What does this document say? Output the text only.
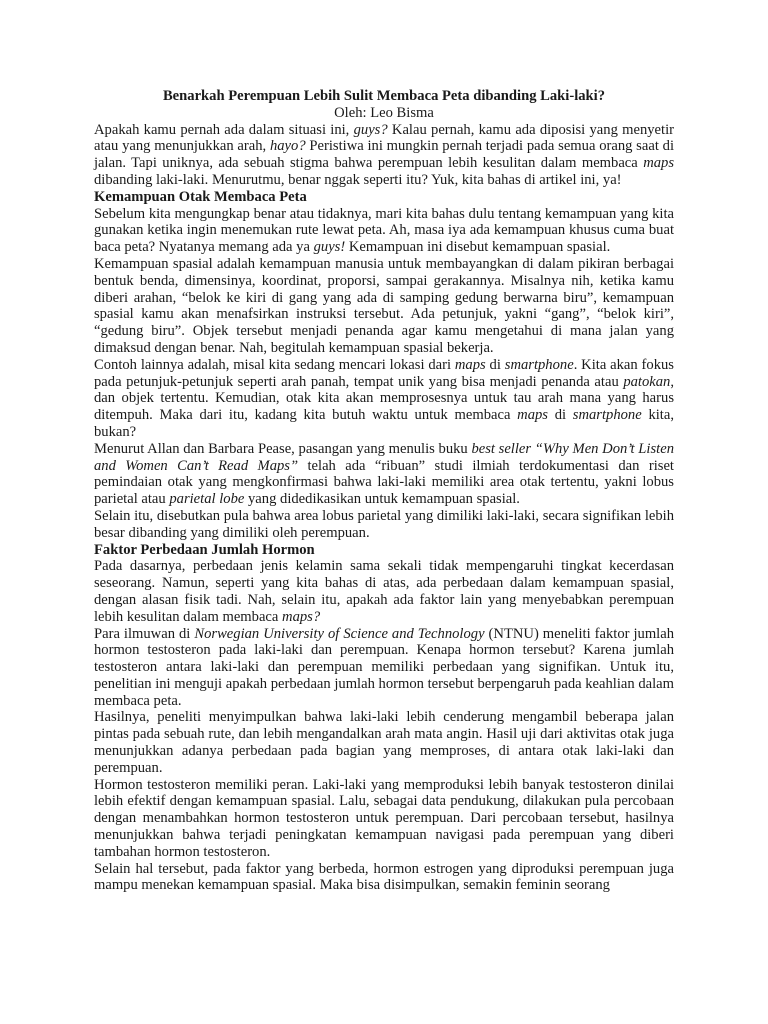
Benarkah Perempuan Lebih Sulit Membaca Peta dibanding Laki-laki?

Oleh: Leo Bisma

Apakah kamu pernah ada dalam situasi ini, guys? Kalau pernah, kamu ada diposisi yang menyetir atau yang menunjukkan arah, hayo? Peristiwa ini mungkin pernah terjadi pada semua orang saat di jalan. Tapi uniknya, ada sebuah stigma bahwa perempuan lebih kesulitan dalam membaca maps dibanding laki-laki. Menurutmu, benar nggak seperti itu? Yuk, kita bahas di artikel ini, ya!

Kemampuan Otak Membaca Peta

Sebelum kita mengungkap benar atau tidaknya, mari kita bahas dulu tentang kemampuan yang kita gunakan ketika ingin menemukan rute lewat peta. Ah, masa iya ada kemampuan khusus cuma buat baca peta? Nyatanya memang ada ya guys! Kemampuan ini disebut kemampuan spasial.

Kemampuan spasial adalah kemampuan manusia untuk membayangkan di dalam pikiran berbagai bentuk benda, dimensinya, koordinat, proporsi, sampai gerakannya. Misalnya nih, ketika kamu diberi arahan, “belok ke kiri di gang yang ada di samping gedung berwarna biru”, kemampuan spasial kamu akan menafsirkan instruksi tersebut. Ada petunjuk, yakni “gang”, “belok kiri”, “gedung biru”. Objek tersebut menjadi penanda agar kamu mengetahui di mana jalan yang dimaksud dengan benar. Nah, begitulah kemampuan spasial bekerja.

Contoh lainnya adalah, misal kita sedang mencari lokasi dari maps di smartphone. Kita akan fokus pada petunjuk-petunjuk seperti arah panah, tempat unik yang bisa menjadi penanda atau patokan, dan objek tertentu. Kemudian, otak kita akan memprosesnya untuk tau arah mana yang harus ditempuh. Maka dari itu, kadang kita butuh waktu untuk membaca maps di smartphone kita, bukan?

Menurut Allan dan Barbara Pease, pasangan yang menulis buku best seller “Why Men Don’t Listen and Women Can’t Read Maps” telah ada “ribuan” studi ilmiah terdokumentasi dan riset pemindaian otak yang mengkonfirmasi bahwa laki-laki memiliki area otak tertentu, yakni lobus parietal atau parietal lobe yang didedikasikan untuk kemampuan spasial.

Selain itu, disebutkan pula bahwa area lobus parietal yang dimiliki laki-laki, secara signifikan lebih besar dibanding yang dimiliki oleh perempuan.

Faktor Perbedaan Jumlah Hormon

Pada dasarnya, perbedaan jenis kelamin sama sekali tidak mempengaruhi tingkat kecerdasan seseorang. Namun, seperti yang kita bahas di atas, ada perbedaan dalam kemampuan spasial, dengan alasan fisik tadi. Nah, selain itu, apakah ada faktor lain yang menyebabkan perempuan lebih kesulitan dalam membaca maps?

Para ilmuwan di Norwegian University of Science and Technology (NTNU) meneliti faktor jumlah hormon testosteron pada laki-laki dan perempuan. Kenapa hormon tersebut? Karena jumlah testosteron antara laki-laki dan perempuan memiliki perbedaan yang signifikan. Untuk itu, penelitian ini menguji apakah perbedaan jumlah hormon tersebut berpengaruh pada keahlian dalam membaca peta.

Hasilnya, peneliti menyimpulkan bahwa laki-laki lebih cenderung mengambil beberapa jalan pintas pada sebuah rute, dan lebih mengandalkan arah mata angin. Hasil uji dari aktivitas otak juga menunjukkan adanya perbedaan pada bagian yang memproses, di antara otak laki-laki dan perempuan.

Hormon testosteron memiliki peran. Laki-laki yang memproduksi lebih banyak testosteron dinilai lebih efektif dengan kemampuan spasial. Lalu, sebagai data pendukung, dilakukan pula percobaan dengan menambahkan hormon testosteron untuk perempuan. Dari percobaan tersebut, hasilnya menunjukkan bahwa terjadi peningkatan kemampuan navigasi pada perempuan yang diberi tambahan hormon testosteron.

Selain hal tersebut, pada faktor yang berbeda, hormon estrogen yang diproduksi perempuan juga mampu menekan kemampuan spasial. Maka bisa disimpulkan, semakin feminin seorang
